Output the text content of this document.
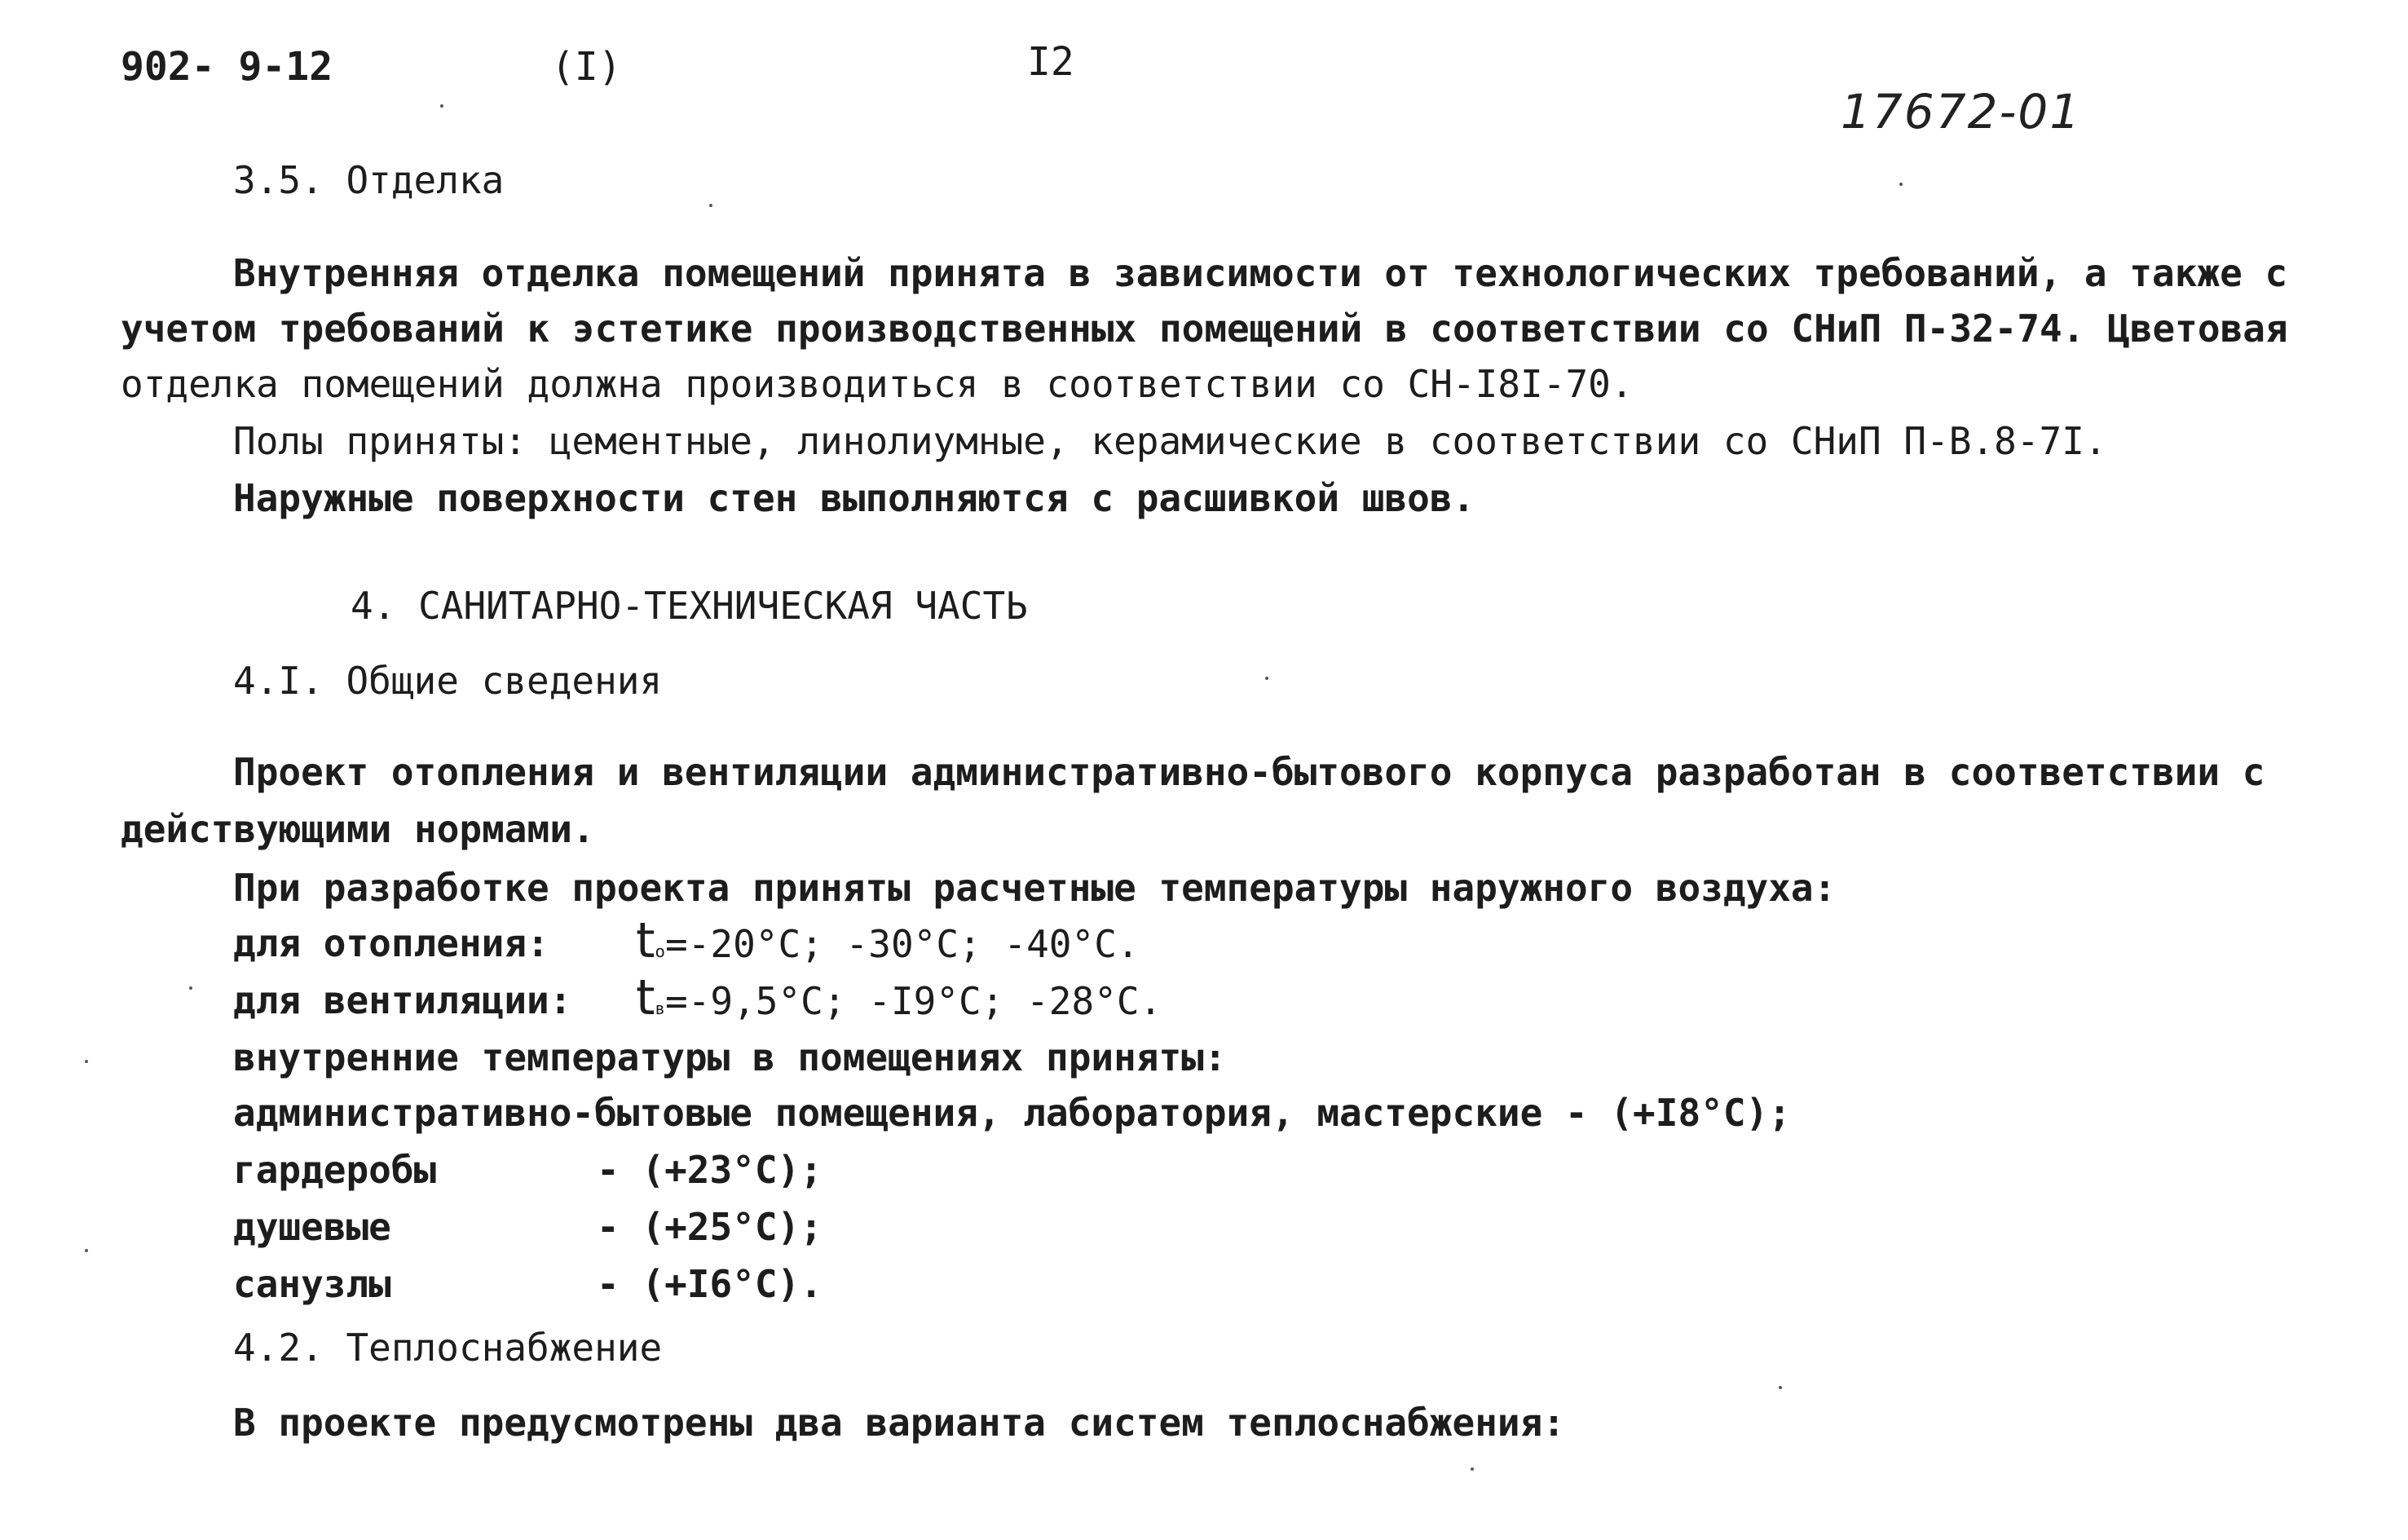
902- 9-12	(I)	I2
17672-01
3.5. Отделка
Внутренняя отделка помещений принята в зависимости от технологических требований, а также с
учетом требований к эстетике производственных помещений в соответствии со СНиП П-32-74. Цветовая
отделка помещений должна производиться в соответствии со СН-I8I-70.
Полы приняты: цементные, линолиумные, керамические в соответствии со СНиП П-В.8-7I.
Наружные поверхности стен выполняются с расшивкой швов.
4. САНИТАРНО-ТЕХНИЧЕСКАЯ ЧАСТЬ
4.I. Общие сведения
Проект отопления и вентиляции административно-бытового корпуса разработан в соответствии с
действующими нормами.
При разработке проекта приняты расчетные температуры наружного воздуха:
для отопления: tо=-20°С; -30°С; -40°С.
для вентиляции: tв=-9,5°С; -I9°С; -28°С.
внутренние температуры в помещениях приняты:
административно-бытовые помещения, лаборатория, мастерские - (+I8°С);
гардеробы	- (+23°С);
душевые	- (+25°С);
санузлы	- (+I6°С).
4.2. Теплоснабжение
В проекте предусмотрены два варианта систем теплоснабжения:
